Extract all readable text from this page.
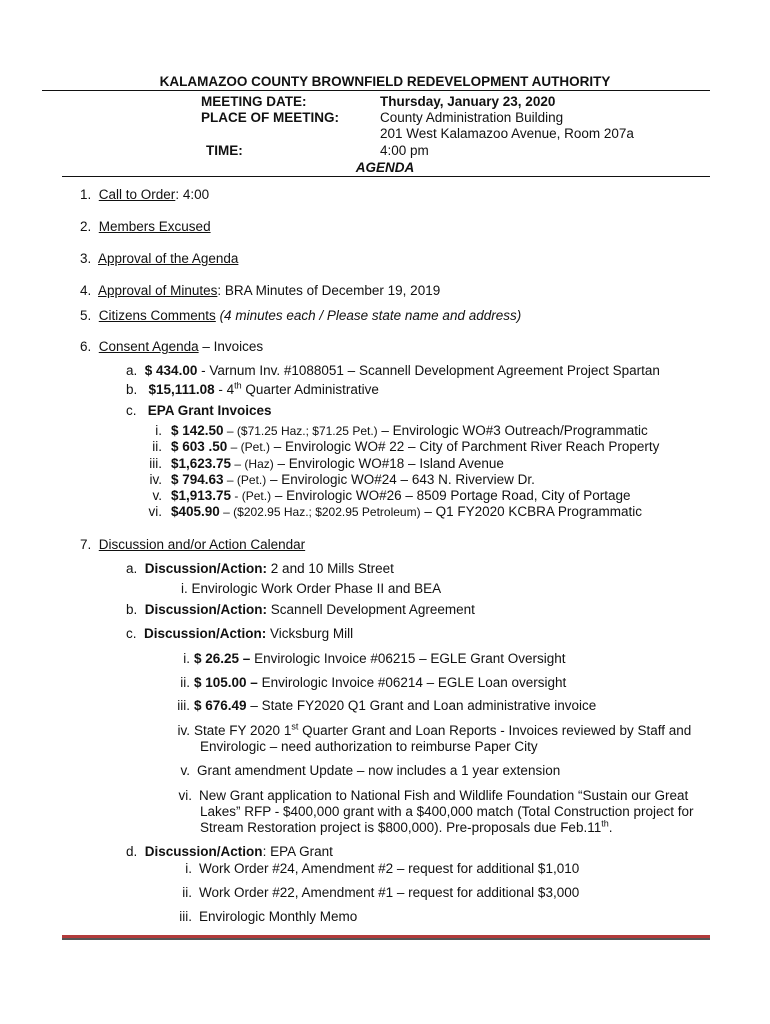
KALAMAZOO COUNTY BROWNFIELD REDEVELOPMENT AUTHORITY
MEETING DATE:	Thursday, January 23, 2020
PLACE OF MEETING:	County Administration Building
201 West Kalamazoo Avenue, Room 207a
TIME:	4:00 pm
AGENDA
1. Call to Order: 4:00
2. Members Excused
3. Approval of the Agenda
4. Approval of Minutes: BRA Minutes of December 19, 2019
5. Citizens Comments (4 minutes each / Please state name and address)
6. Consent Agenda – Invoices
a. $ 434.00 - Varnum Inv. #1088051 – Scannell Development Agreement Project Spartan
b. $15,111.08 - 4th Quarter Administrative
c. EPA Grant Invoices
i. $ 142.50 – ($71.25 Haz.; $71.25 Pet.) – Envirologic WO#3 Outreach/Programmatic
ii. $ 603 .50 – (Pet.) – Envirologic WO# 22 – City of Parchment River Reach Property
iii. $1,623.75 – (Haz) – Envirologic WO#18 – Island Avenue
iv. $ 794.63 – (Pet.) – Envirologic WO#24 – 643 N. Riverview Dr.
v. $1,913.75 - (Pet.) – Envirologic WO#26 – 8509 Portage Road, City of Portage
vi. $405.90 – ($202.95 Haz.; $202.95 Petroleum) – Q1 FY2020 KCBRA Programmatic
7. Discussion and/or Action Calendar
a. Discussion/Action: 2 and 10 Mills Street
i. Envirologic Work Order Phase II and BEA
b. Discussion/Action: Scannell Development Agreement
c. Discussion/Action: Vicksburg Mill
i. $ 26.25 – Envirologic Invoice #06215 – EGLE Grant Oversight
ii. $ 105.00 – Envirologic Invoice #06214 – EGLE Loan oversight
iii. $ 676.49 – State FY2020 Q1 Grant and Loan administrative invoice
iv. State FY 2020 1st Quarter Grant and Loan Reports - Invoices reviewed by Staff and
Envirologic – need authorization to reimburse Paper City
v. Grant amendment Update – now includes a 1 year extension
vi. New Grant application to National Fish and Wildlife Foundation “Sustain our Great
Lakes” RFP - $400,000 grant with a $400,000 match (Total Construction project for
Stream Restoration project is $800,000). Pre-proposals due Feb.11th.
d. Discussion/Action: EPA Grant
i. Work Order #24, Amendment #2 – request for additional $1,010
ii. Work Order #22, Amendment #1 – request for additional $3,000
iii. Envirologic Monthly Memo
